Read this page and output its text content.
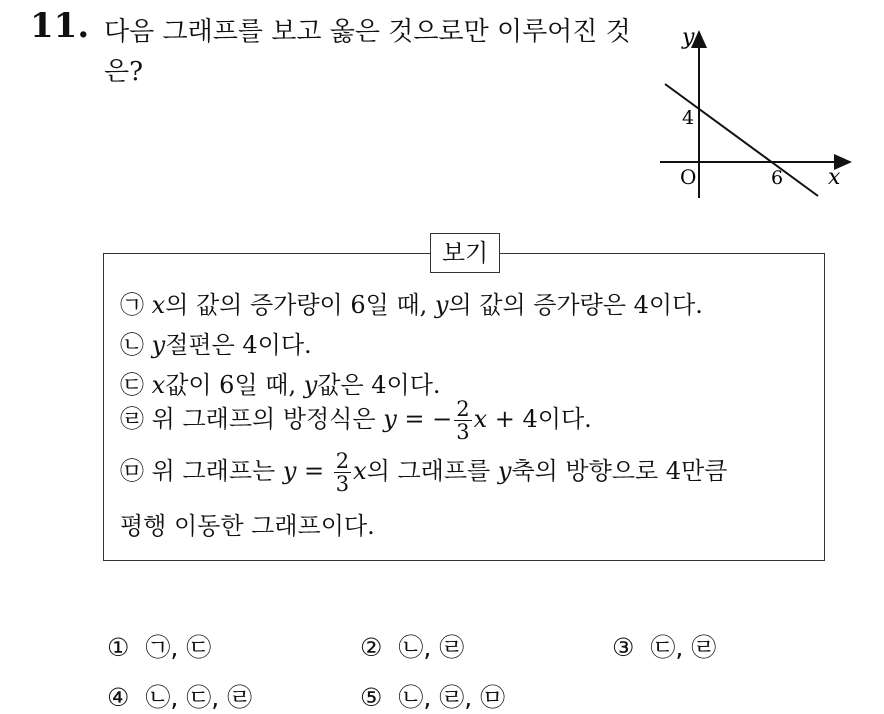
11. 다음 그래프를 보고 옳은 것으로만 이루어진 것
은?
y
x
O
4
6
보기
㉠ x의 값의 증가량이 6일 때, y의 값의 증가량은 4이다.
㉡ y절편은 4이다.
㉢ x값이 6일 때, y값은 4이다.
㉣ 위 그래프의 방정식은 y = − $\frac{2}{3}$ x + 4이다.
㉤ 위 그래프는 $y = \frac{2}{3}$ x의 그래프를 y축의 방향으로 4만큼
평행 이동한 그래프이다.
① ㉠, ㉢	② ㉡, ㉣	③ ㉢, ㉣
④ ㉡, ㉢, ㉣	⑤ ㉡, ㉣, ㉤
